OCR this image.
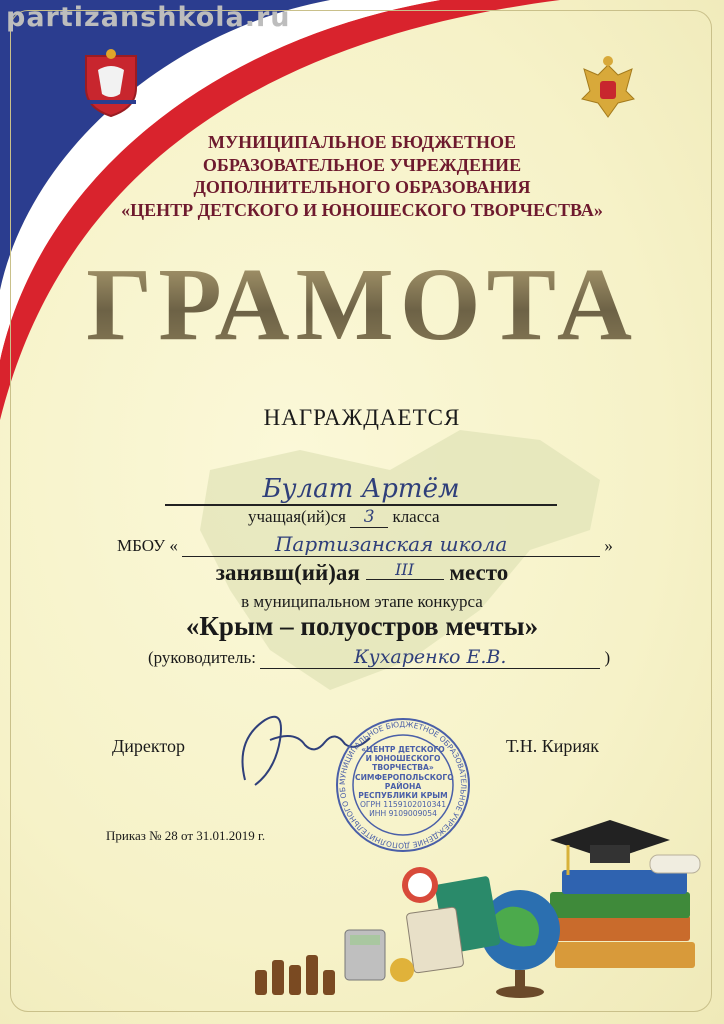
partizanshkola.ru
МУНИЦИПАЛЬНОЕ БЮДЖЕТНОЕ
ОБРАЗОВАТЕЛЬНОЕ УЧРЕЖДЕНИЕ
ДОПОЛНИТЕЛЬНОГО ОБРАЗОВАНИЯ
«ЦЕНТР ДЕТСКОГО И ЮНОШЕСКОГО ТВОРЧЕСТВА»
ГРАМОТА
НАГРАЖДАЕТСЯ
Булат Артём
учащая(ий)ся 3 класса
МБОУ «	Партизанская школа	»
занявш(ий)ая III место
в муниципальном этапе конкурса
«Крым – полуостров мечты»
(руководитель:	Кухаренко Е.В.	)
Директор	Т.Н. Кирияк
МУНИЦИПАЛЬНОЕ БЮДЖЕТНОЕ ОБРАЗОВАТЕЛЬНОЕ УЧРЕЖДЕНИЕ ДОПОЛНИТЕЛЬНОГО ОБ
«ЦЕНТР ДЕТСКОГО
И ЮНОШЕСКОГО
ТВОРЧЕСТВА»
СИМФЕРОПОЛЬСКОГО
РАЙОНА
РЕСПУБЛИКИ КРЫМ
ОГРН 1159102010341
ИНН 9109009054
Приказ № 28 от 31.01.2019 г.
